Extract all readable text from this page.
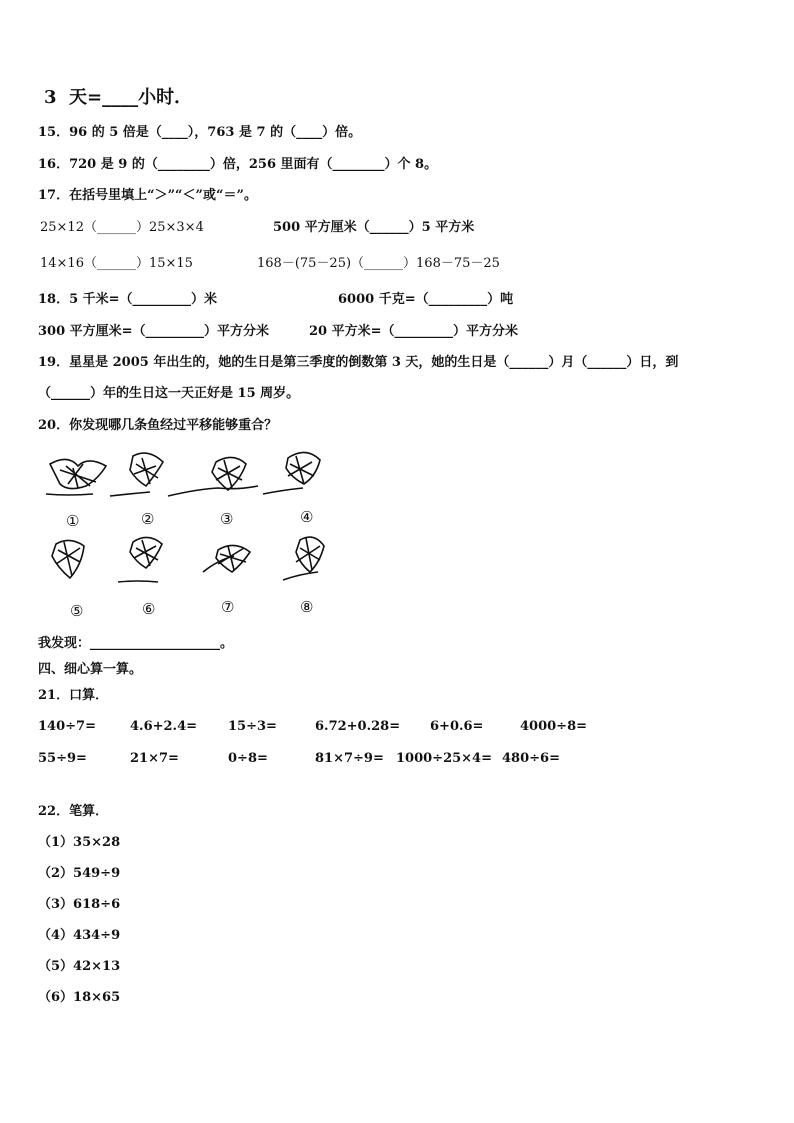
3  天=____小时．
15．96 的 5 倍是（____），763 是 7 的（____）倍。
16．720 是 9 的（________）倍，256 里面有（________）个 8。
17．在括号里填上“＞”“＜”或“＝”。
25×12（______）25×3×4	500 平方厘米（______）5 平方米
14×16（______）15×15	168－(75－25)（______）168－75－25
18．5 千米=（_________）米	6000 千克=（_________）吨
300 平方厘米=（_________）平方分米	20 平方米=（_________）平方分米
19．星星是 2005 年出生的，她的生日是第三季度的倒数第 3 天，她的生日是（______）月（______）日，到
（______）年的生日这一天正好是 15 周岁。
20．你发现哪几条鱼经过平移能够重合？
①	②	③	④
⑤	⑥	⑦	⑧
我发现：____________________。
四、细心算一算。
21．口算．
140÷7=	4.6+2.4= 15÷3=	6.72+0.28= 6+0.6=	4000÷8=
55÷9=	21×7=	0÷8=	81×7÷9= 1000÷25×4= 480÷6=
22．笔算．
（1）35×28
（2）549÷9
（3）618÷6
（4）434÷9
（5）42×13
（6）18×65
